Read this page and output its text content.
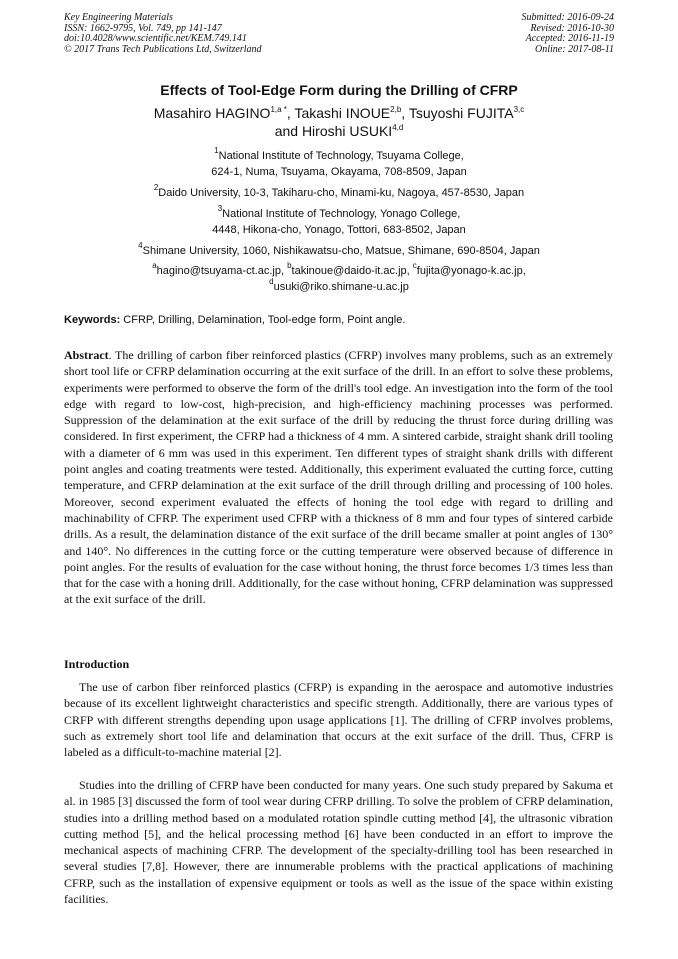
Key Engineering Materials
ISSN: 1662-9795, Vol. 749, pp 141-147
doi:10.4028/www.scientific.net/KEM.749.141
© 2017 Trans Tech Publications Ltd, Switzerland
Submitted: 2016-09-24
Revised: 2016-10-30
Accepted: 2016-11-19
Online: 2017-08-11
Effects of Tool-Edge Form during the Drilling of CFRP
Masahiro $HAGINO^{1,a *}$, Takashi INOUE$^{2,b}$, Tsuyoshi FUJITA$^{3,c}$
and Hiroshi USUKI$^{4,d}$
$^1$National Institute of Technology, Tsuyama College,
624-1, Numa, Tsuyama, Okayama, 708-8509, Japan
$^2$Daido University, 10-3, Takiharu-cho, Minami-ku, Nagoya, 457-8530, Japan
$^3$National Institute of Technology, Yonago College,
4448, Hikona-cho, Yonago, Tottori, 683-8502, Japan
$^4$Shimane University, 1060, Nishikawatsu-cho, Matsue, Shimane, 690-8504, Japan
$^a$hagino@tsuyama-ct.ac.jp, $^b$takinoue@daido-it.ac.jp, $^c$fujita@yonago-k.ac.jp,
$^d$usuki@riko.shimane-u.ac.jp
Keywords: CFRP, Drilling, Delamination, Tool-edge form, Point angle.

Abstract. The drilling of carbon fiber reinforced plastics (CFRP) involves many problems, such as an extremely short tool life or CFRP delamination occurring at the exit surface of the drill. In an effort to solve these problems, experiments were performed to observe the form of the drill's tool edge. An investigation into the form of the tool edge with regard to low-cost, high-precision, and high-efficiency machining processes was performed. Suppression of the delamination at the exit surface of the drill by reducing the thrust force during drilling was considered. In first experiment, the CFRP had a thickness of 4 mm. A sintered carbide, straight shank drill tooling with a diameter of 6 mm was used in this experiment. Ten different types of straight shank drills with different point angles and coating treatments were tested. Additionally, this experiment evaluated the cutting force, cutting temperature, and CFRP delamination at the exit surface of the drill through drilling and processing of 100 holes. Moreover, second experiment evaluated the effects of honing the tool edge with regard to drilling and machinability of CFRP. The experiment used CFRP with a thickness of 8 mm and four types of sintered carbide drills. As a result, the delamination distance of the exit surface of the drill became smaller at point angles of 130° and 140°. No differences in the cutting force or the cutting temperature were observed because of difference in point angles. For the results of evaluation for the case without honing, the thrust force becomes 1/3 times less than that for the case with a honing drill. Additionally, for the case without honing, CFRP delamination was suppressed at the exit surface of the drill.

Introduction

The use of carbon fiber reinforced plastics (CFRP) is expanding in the aerospace and automotive industries because of its excellent lightweight characteristics and specific strength. Additionally, there are various types of CRFP with different strengths depending upon usage applications [1]. The drilling of CFRP involves problems, such as extremely short tool life and delamination that occurs at the exit surface of the drill. Thus, CFRP is labeled as a difficult-to-machine material [2].

Studies into the drilling of CFRP have been conducted for many years. One such study prepared by Sakuma et al. in 1985 [3] discussed the form of tool wear during CFRP drilling. To solve the problem of CFRP delamination, studies into a drilling method based on a modulated rotation spindle cutting method [4], the ultrasonic vibration cutting method [5], and the helical processing method [6] have been conducted in an effort to improve the mechanical aspects of machining CFRP. The development of the specialty-drilling tool has been researched in several studies [7,8]. However, there are innumerable problems with the practical applications of machining CFRP, such as the installation of expensive equipment or tools as well as the issue of the space within existing facilities.
